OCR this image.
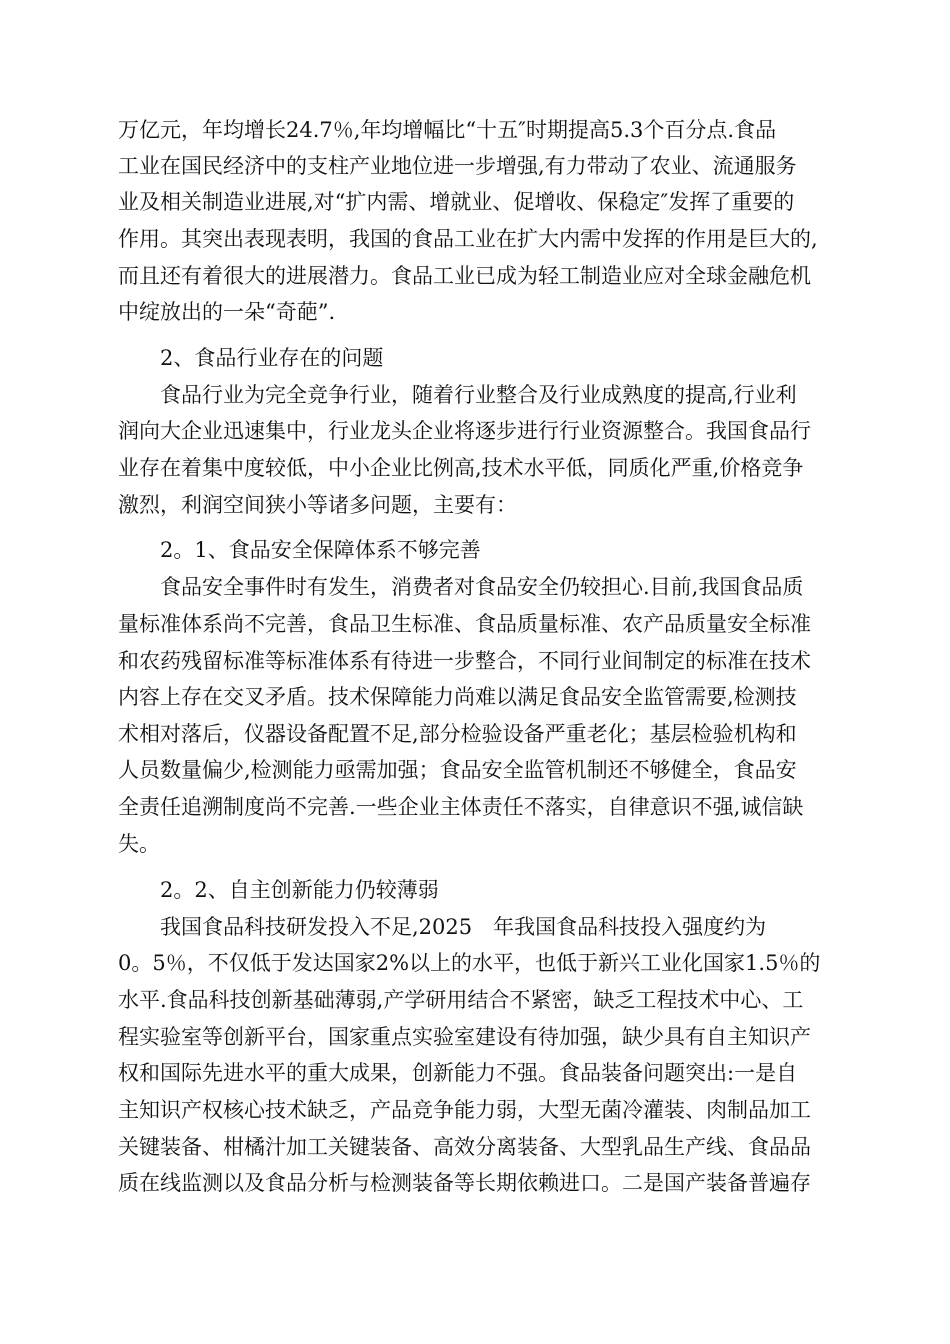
万亿元，年均增长24.7％,年均增幅比“十五″时期提高5.3个百分点.食品
工业在国民经济中的支柱产业地位进一步增强,有力带动了农业、流通服务
业及相关制造业进展,对“扩内需、增就业、促增收、保稳定″发挥了重要的
作用。其突出表现表明，我国的食品工业在扩大内需中发挥的作用是巨大的,
而且还有着很大的进展潜力。食品工业已成为轻工制造业应对全球金融危机
中绽放出的一朵“奇葩”.
2、食品行业存在的问题
食品行业为完全竞争行业，随着行业整合及行业成熟度的提高,行业利
润向大企业迅速集中，行业龙头企业将逐步进行行业资源整合。我国食品行
业存在着集中度较低，中小企业比例高,技术水平低，同质化严重,价格竞争
激烈，利润空间狭小等诸多问题，主要有：
2。1、食品安全保障体系不够完善
食品安全事件时有发生，消费者对食品安全仍较担心.目前,我国食品质
量标准体系尚不完善，食品卫生标准、食品质量标准、农产品质量安全标准
和农药残留标准等标准体系有待进一步整合，不同行业间制定的标准在技术
内容上存在交叉矛盾。技术保障能力尚难以满足食品安全监管需要,检测技
术相对落后，仪器设备配置不足,部分检验设备严重老化；基层检验机构和
人员数量偏少,检测能力亟需加强；食品安全监管机制还不够健全，食品安
全责任追溯制度尚不完善.一些企业主体责任不落实，自律意识不强,诚信缺
失。
2。2、自主创新能力仍较薄弱
我国食品科技研发投入不足,2025　年我国食品科技投入强度约为
0。5％，不仅低于发达国家2%以上的水平，也低于新兴工业化国家1.5％的
水平.食品科技创新基础薄弱,产学研用结合不紧密，缺乏工程技术中心、工
程实验室等创新平台，国家重点实验室建设有待加强，缺少具有自主知识产
权和国际先进水平的重大成果，创新能力不强。食品装备问题突出:一是自
主知识产权核心技术缺乏，产品竞争能力弱，大型无菌冷灌装、肉制品加工
关键装备、柑橘汁加工关键装备、高效分离装备、大型乳品生产线、食品品
质在线监测以及食品分析与检测装备等长期依赖进口。二是国产装备普遍存
